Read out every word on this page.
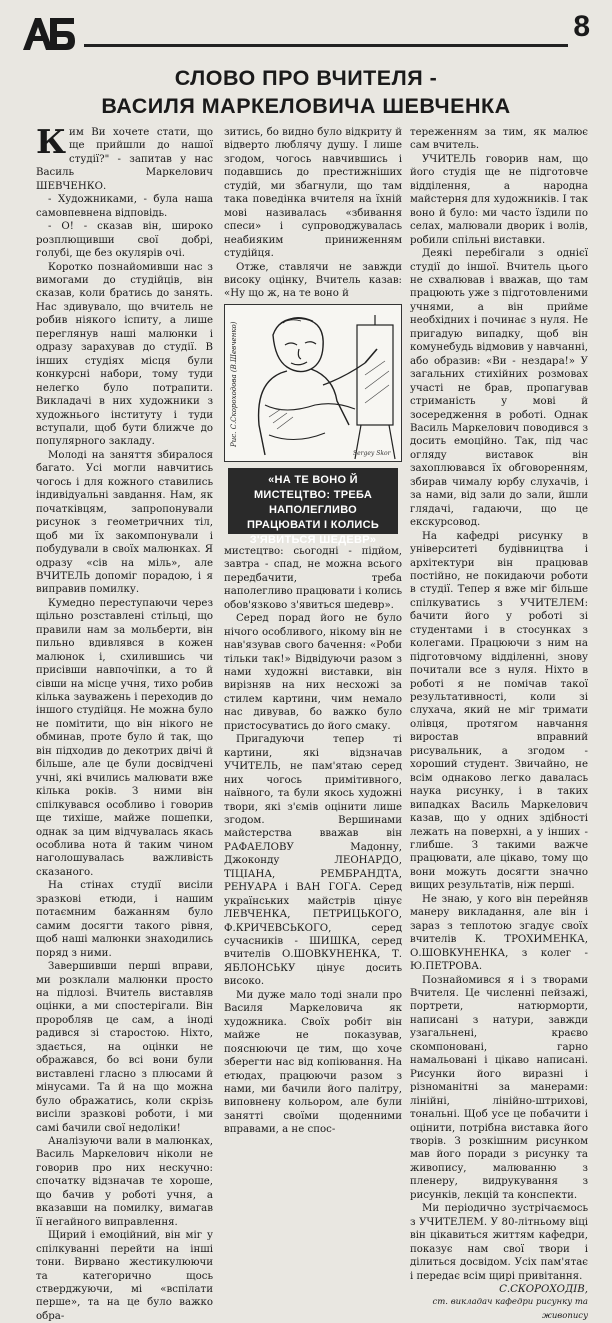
8
СЛОВО ПРО ВЧИТЕЛЯ -
ВАСИЛЯ МАРКЕЛОВИЧА ШЕВЧЕНКА

Ким Ви хочете стати, що ще прийшли до нашої студії?" - запитав у нас Василь Маркелович ШЕВЧЕНКО.

- Художниками, - була наша самовпевнена відповідь.

- О! - сказав він, широко розплющивши свої добрі, голубі, ще без окулярів очі.

Коротко познайомивши нас з вимогами до студійців, він сказав, коли братись до занять. Нас здивувало, що вчитель не робив ніякого іспиту, а лише переглянув наші малюнки і одразу зарахував до студії. В інших студіях місця були конкурсні набори, тому туди нелегко було потрапити. Викладачі в них художники з художнього інституту і туди вступали, щоб бути ближче до популярного закладу.

Молоді на заняття збиралося багато. Усі могли навчитись чогось і для кожного ставились індивідуальні завдання. Нам, як початківцям, запропонували рисунок з геометричних тіл, щоб ми їх закомпонували і побудували в своїх малюнках. Я одразу «сів на міль», але ВЧИТЕЛЬ допоміг порадою, і я виправив помилку.

Кумедно переступаючи через щільно розставлені стільці, що правили нам за мольберти, він пильно вдивлявся в кожен малюнок і, схилившись чи присівши навпочіпки, а то й сівши на місце учня, тихо робив кілька зауважень і переходив до іншого студійця. Не можна було не помітити, що він нікого не обминав, проте було й так, що він підходив до декотрих двічі й більше, але це були досвідчені учні, які вчились малювати вже кілька років. З ними він спілкувався особливо і говорив ще тихіше, майже пошепки, однак за цим відчувалась якась особлива нота й таким чином наголошувалась важливість сказаного.

На стінах студії висіли зразкові етюди, і нашим потаємним бажанням було самим досягти такого рівня, щоб наші малюнки знаходились поряд з ними.

Завершивши перші вправи, ми розклали малюнки просто на підлозі. Вчитель виставляв оцінки, а ми спостерігали. Він проробляв це сам, а іноді радився зі старостою. Ніхто, здається, на оцінки не ображався, бо всі вони були виставлені гласно з плюсами й мінусами. Та й на що можна було ображатись, коли скрізь висіли зразкові роботи, і ми самі бачили свої недоліки!

Аналізуючи вали в малюнках, Василь Маркелович ніколи не говорив про них нескучно: спочатку відзначав те хороше, що бачив у роботі учня, а вказавши на помилку, вимагав її негайного виправлення.

Щирий і емоційний, він міг у спілкуванні перейти на інші тони. Вирвано жестикулюючи та категорично щось стверджуючи, мі «вспілати перше», та на це було важко обра-

зитись, бо видно було відкриту й відверто люблячу душу. І лише згодом, чогось навчившись і подавшись до престижніших студій, ми збагнули, що там така поведінка вчителя на їхній мові називалась «збивання спеси» і супроводжувалась неабияким приниженням студійця.

Отже, ставлячи не завжди високу оцінку, Вчитель казав: «Ну що ж, на те воно й

Рис. С.Скороходова (В.Шевченко)
Sergey Skor
«НА ТЕ ВОНО Й МИСТЕЦТВО: ТРЕБА НАПОЛЕГЛИВО ПРАЦЮВАТИ І КОЛИСЬ З'ЯВИТЬСЯ ШЕДЕВР»

мистецтво: сьогодні - підйом, завтра - спад, не можна всього передбачити, треба наполегливо працювати і колись обов'язково з'явиться шедевр».

Серед порад його не було нічого особливого, нікому він не нав'язував свого бачення: «Роби тільки так!» Відвідуючи разом з нами художні виставки, він вирізняв на них несхожі за стилем картини, чим немало нас дивував, бо важко було пристосуватись до його смаку.

Пригадуючи тепер ті картини, які відзначав УЧИТЕЛЬ, не пам'ятаю серед них чогось примітивного, наївного, та були якось художні твори, які з'ємів оцінити лише згодом. Вершинами майстерства вважав він РАФАЕЛОВУ Мадонну, Джоконду ЛЕОНАРДО, ТІЦІАНА, РЕМБРАНДТА, РЕНУАРА і ВАН ГОГА. Серед українських майстрів цінує ЛЕВЧЕНКА, ПЕТРИЦЬКОГО, Ф.КРИЧЕВСЬКОГО, серед сучасників - ШИШКА, серед вчителів О.ШОВКУНЕНКА, Т. ЯБЛОНСЬКУ цінує досить високо.

Ми дуже мало тоді знали про Василя Маркеловича як художника. Своїх робіт він майже не показував, пояснюючи це тим, що хоче зберегти нас від копіювання. На етюдах, працюючи разом з нами, ми бачили його палітру, виповнену кольором, але були занятті своїми щоденними вправами, а не спос-

тереженням за тим, як малює сам вчитель.

УЧИТЕЛЬ говорив нам, що його студія ще не підготовче відділення, а народна майстерня для художників. І так воно й було: ми часто їздили по селах, малювали дворик і волів, робили спільні виставки.

Деякі перебігали з однієї студії до іншої. Вчитель цього не схвалював і вважав, що там працюють уже з підготовленими учнями, а він прийме необхідних і починає з нуля. Не пригадую випадку, щоб він комунебудь відмовив у навчанні, або образив: «Ви - нездара!» У загальних стихійних розмовах участі не брав, пропагував стриманість у мові й зосередження в роботі. Однак Василь Маркелович поводився з досить емоційно. Так, під час огляду виставок він захоплювався їх обговоренням, збирав чималу юрбу слухачів, і за нами, від зали до зали, йшли глядачі, гадаючи, що це екскурсовод.

На кафедрі рисунку в університеті будівництва і архітектури він працював постійно, не покидаючи роботи в студії. Тепер я вже міг більше спілкуватись з УЧИТЕЛЕМ: бачити його у роботі зі студентами і в стосунках з колегами. Працюючи з ним на підготовчому відділенні, знову почитали все з нуля. Ніхто в роботі я не помічав такої результативності, коли зі слухача, який не міг тримати олівця, протягом навчання виростав вправний рисувальник, а згодом - хороший студент. Звичайно, не всім однаково легко давалась наука рисунку, і в таких випадках Василь Маркелович казав, що у одних здібності лежать на поверхні, а у інших - глибше. З такими важче працювати, але цікаво, тому що вони можуть досягти значно вищих результатів, ніж перші.

Не знаю, у кого він перейняв манеру викладання, але він і зараз з теплотою згадує своїх вчителів К. ТРОХИМЕНКА, О.ШОВКУНЕНКА, з колег - Ю.ПЕТРОВА.

Познайомився я і з творами Вчителя. Це численні пейзажі, портрети, натюрморти, написані з натури, завжди узагальнені, краєво скомпоновані, гарно намальовані і цікаво написані. Рисунки його виразні і різноманітні за манерами: лінійні, лінійно-штрихові, тональні. Щоб усе це побачити і оцінити, потрібна виставка його творів. З розкішним рисунком мав його поради з рисунку та живопису, малюванню з пленеру, видрукування з рисунків, лекцій та конспекти.

Ми періодично зустрічаємось з УЧИТЕЛЕМ. У 80-літньому віці він цікавиться життям кафедри, показує нам свої твори і ділиться досвідом. Усіх пам'ятає і передає всім щирі привітання.

С.СКОРОХОДІВ,

ст. викладач кафедри рисунку та живопису
